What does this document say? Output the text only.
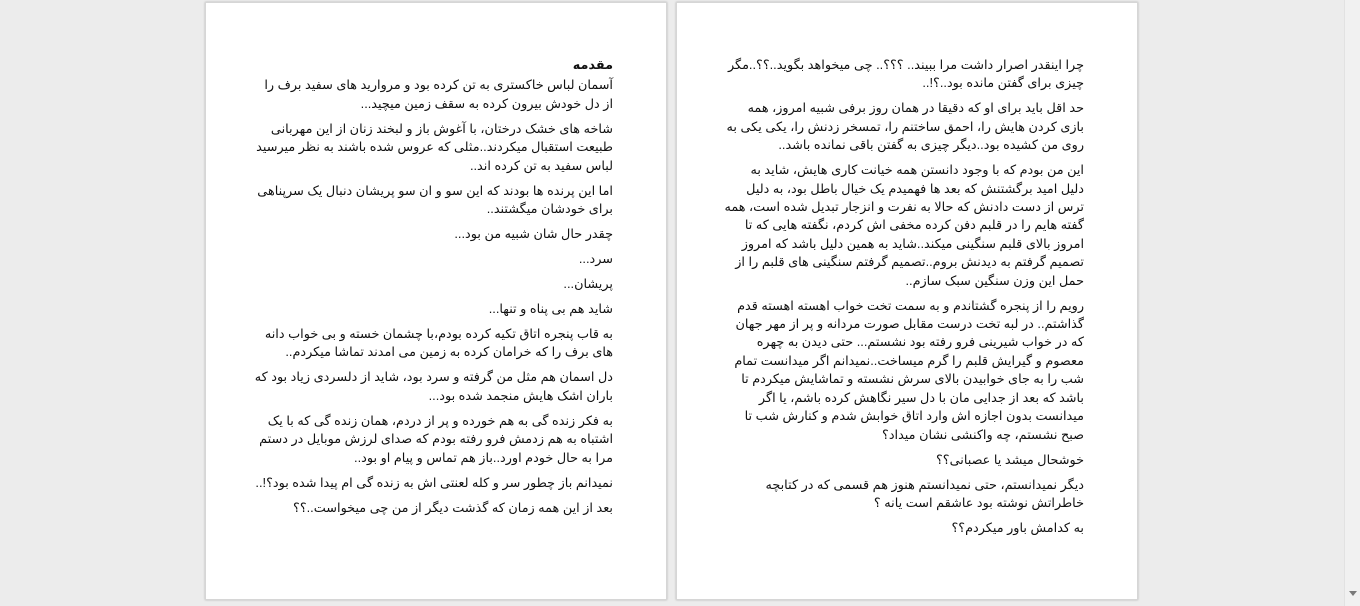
مقدمه

آسمان لباس خاکستری به تن کرده بود و مروارید های سفید برف را از دل خودش بیرون کرده به سقف زمین میچید...

شاخه های خشک درختان، با آغوش باز و لبخند زنان از این مهربانی طبیعت استقبال میکردند..مثلی که عروس شده باشند به نظر میرسید لباس سفید به تن کرده اند..

اما این پرنده ها بودند که این سو و ان سو پریشان دنبال یک سرپناهی برای خودشان میگشتند..

چقدر حال شان شبیه من بود...

سرد...

پریشان...

شاید هم بی پناه و تنها...

به قاب پنجره اتاق تکیه کرده بودم،با چشمان خسته و بی خواب دانه های برف را که خرامان کرده به زمین می امدند تماشا میکردم..

دل اسمان هم مثل من گرفته و سرد بود، شاید از دلسردی زیاد بود که باران اشک هایش منجمد شده بود...

به فکر زنده گی به هم خورده و پر از دردم، همان زنده گی که با یک اشتباه به هم زدمش فرو رفته بودم که صدای لرزش موبایل در دستم مرا به حال خودم اورد..باز هم تماس و پیام او بود..

نمیدانم باز چطور سر و کله لعنتی اش به زنده گی ام پیدا شده بود؟!..

بعد از این همه زمان که گذشت دیگر از من چی میخواست..؟؟

چرا اینقدر اصرار داشت مرا ببیند.. ؟؟؟.. چی میخواهد بگوید..؟؟..مگر چیزی برای گفتن مانده بود..؟!..

حد اقل باید برای او که دقیقا در همان روز برفی شبیه امروز، همه بازی کردن هایش را، احمق ساختنم را، تمسخر زدنش را، یکی یکی به روی من کشیده بود..دیگر چیزی به گفتن باقی نمانده باشد..

این من بودم که با وجود دانستن همه خیانت کاری هایش، شاید به دلیل امید برگشتنش که بعد ها فهمیدم یک خیال باطل بود، به دلیل ترس از دست دادنش که حالا به نفرت و انزجار تبدیل شده است، همه گفته هایم را در قلبم دفن کرده مخفی اش کردم، نگفته هایی که تا امروز بالای قلبم سنگینی میکند..شاید به همین دلیل باشد که امروز تصمیم گرفتم به دیدنش بروم..تصمیم گرفتم سنگینی های قلبم را از حمل این وزن سنگین سبک سازم..

رویم را از پنجره گشتاندم و به سمت تخت خواب اهسته اهسته قدم گذاشتم.. در لبه تخت درست مقابل صورت مردانه و پر از مهر جهان که در خواب شیرینی فرو رفته بود نشستم... حتی دیدن به چهره معصوم و گیرایش قلبم را گرم میساخت..نمیدانم اگر میدانست تمام شب را به جای خوابیدن بالای سرش نشسته و تماشایش میکردم تا باشد که بعد از جدایی مان با دل سیر نگاهش کرده باشم، یا اگر میدانست بدون اجازه اش وارد اتاق خوابش شدم و کنارش شب تا صبح نشستم، چه واکنشی نشان میداد؟

خوشحال میشد یا عصبانی؟؟

دیگر نمیدانستم، حتی نمیدانستم هنوز هم قسمی که در کتابچه خاطراتش نوشته بود عاشقم است یانه ؟

به کدامش باور میکردم؟؟
